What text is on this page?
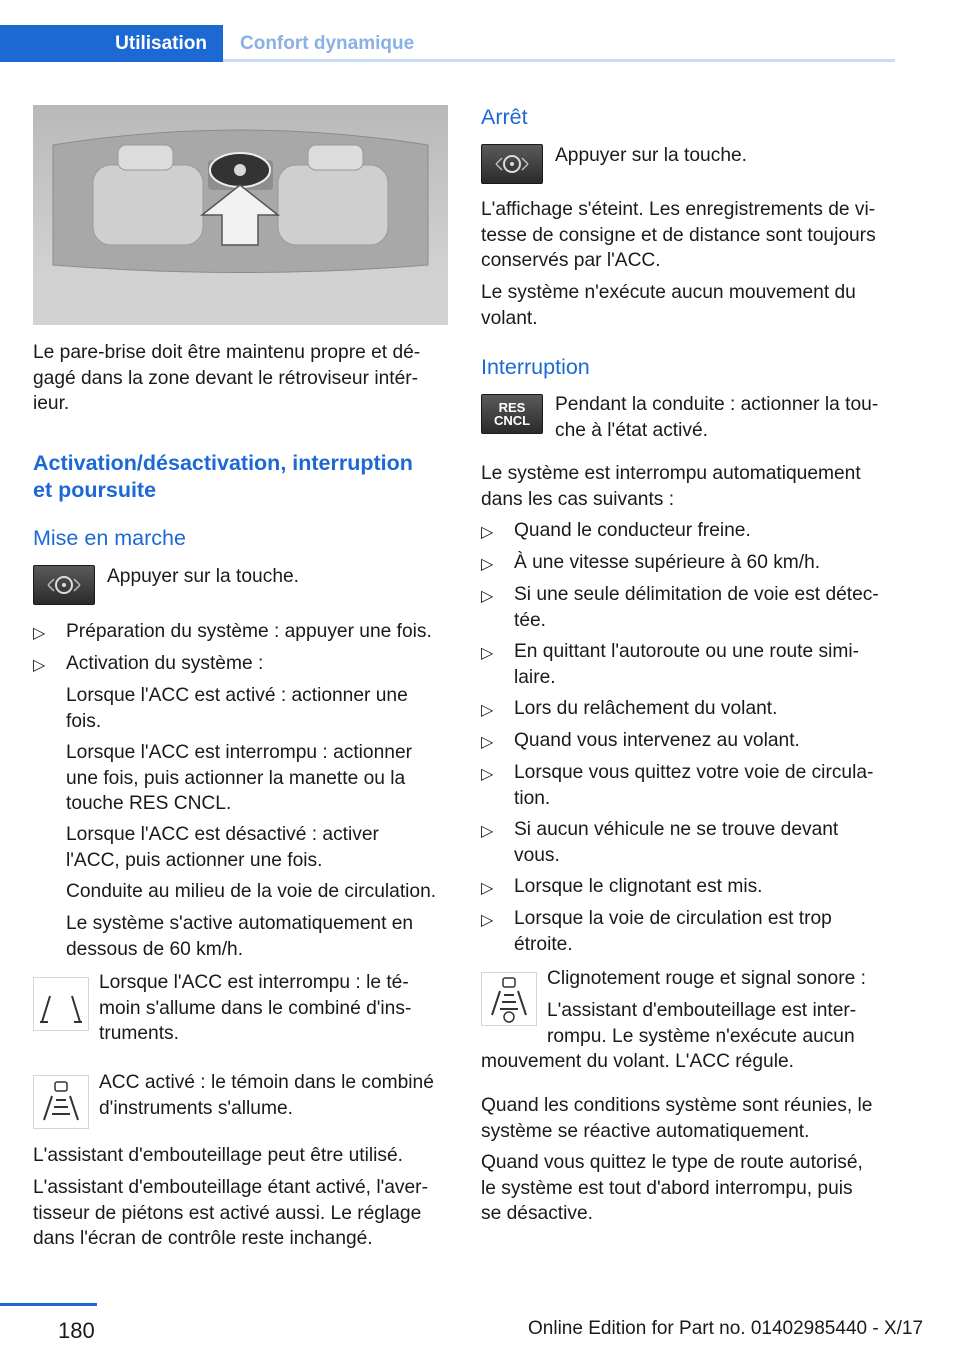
Utilisation Confort dynamique

Le pare-brise doit être maintenu propre et dé-

gagé dans la zone devant le rétroviseur intér-

ieur.

Activation/désactivation, interruption

et poursuite

Mise en marche

Appuyer sur la touche.

▷ Préparation du système : appuyer une fois.

▷ Activation du système :

Lorsque l'ACC est activé : actionner une

fois.

Lorsque l'ACC est interrompu : actionner

une fois, puis actionner la manette ou la

touche RES CNCL.

Lorsque l'ACC est désactivé : activer

l'ACC, puis actionner une fois.

Conduite au milieu de la voie de circulation.

Le système s'active automatiquement en

dessous de 60 km/h.

Lorsque l'ACC est interrompu : le té-

moin s'allume dans le combiné d'ins-

truments.

ACC activé : le témoin dans le combiné

d'instruments s'allume.

L'assistant d'embouteillage peut être utilisé.

L'assistant d'embouteillage étant activé, l'aver-

tisseur de piétons est activé aussi. Le réglage

dans l'écran de contrôle reste inchangé.

Arrêt

Appuyer sur la touche.

L'affichage s'éteint. Les enregistrements de vi-

tesse de consigne et de distance sont toujours

conservés par l'ACC.

Le système n'exécute aucun mouvement du

volant.

Interruption

RES
CNCL

Pendant la conduite : actionner la tou-

che à l'état activé.

Le système est interrompu automatiquement

dans les cas suivants :

▷ Quand le conducteur freine.

▷ À une vitesse supérieure à 60 km/h.

▷ Si une seule délimitation de voie est détec-

tée.

▷ En quittant l'autoroute ou une route simi-

laire.

▷ Lors du relâchement du volant.

▷ Quand vous intervenez au volant.

▷ Lorsque vous quittez votre voie de circula-

tion.

▷ Si aucun véhicule ne se trouve devant

vous.

▷ Lorsque le clignotant est mis.

▷ Lorsque la voie de circulation est trop

étroite.

Clignotement rouge et signal sonore :

L'assistant d'embouteillage est inter-

rompu. Le système n'exécute aucun

mouvement du volant. L'ACC régule.

Quand les conditions système sont réunies, le

système se réactive automatiquement.

Quand vous quittez le type de route autorisé,

le système est tout d'abord interrompu, puis

se désactive.

180	Online Edition for Part no. 01402985440 - X/17
